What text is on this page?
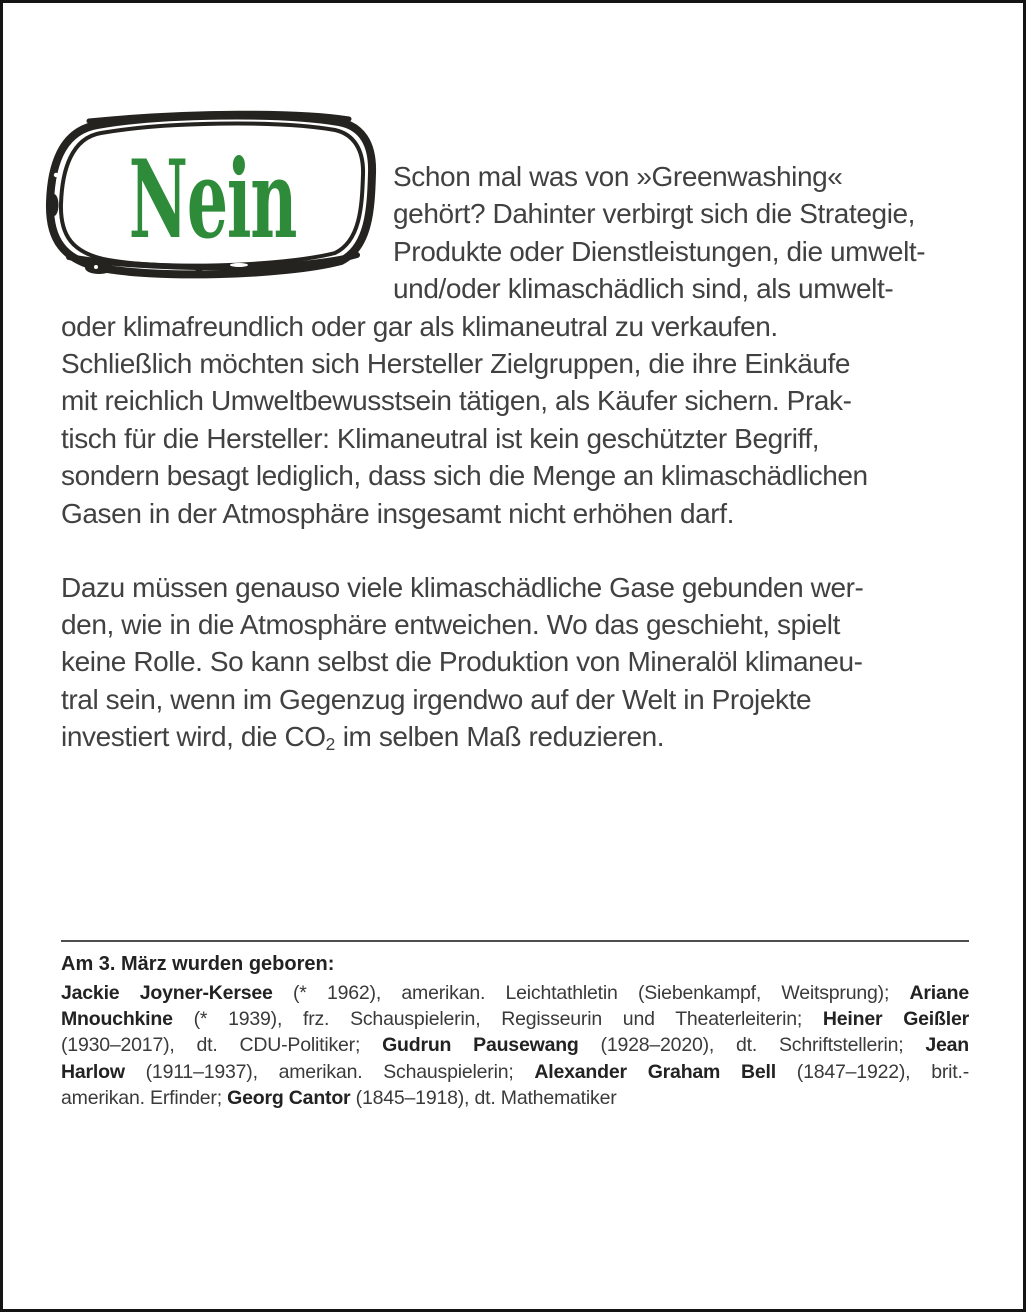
Nein	Schon mal was von »Greenwashing«
gehört? Dahinter verbirgt sich die Strategie,
Produkte oder Dienstleistungen, die umwelt-
und/oder klimaschädlich sind, als umwelt-
oder klimafreundlich oder gar als klimaneutral zu verkaufen.
Schließlich möchten sich Hersteller Zielgruppen, die ihre Einkäufe
mit reichlich Umweltbewusstsein tätigen, als Käufer sichern. Prak-
tisch für die Hersteller: Klimaneutral ist kein geschützter Begriff,
sondern besagt lediglich, dass sich die Menge an klimaschädlichen
Gasen in der Atmosphäre insgesamt nicht erhöhen darf.
Dazu müssen genauso viele klimaschädliche Gase gebunden wer-
den, wie in die Atmosphäre entweichen. Wo das geschieht, spielt
keine Rolle. So kann selbst die Produktion von Mineralöl klimaneu-
tral sein, wenn im Gegenzug irgendwo auf der Welt in Projekte
investiert wird, die $CO_2$ im selben Maß reduzieren.
Am 3. März wurden geboren:
Jackie Joyner-Kersee (* 1962), amerikan. Leichtathletin (Siebenkampf, Weitsprung); Ariane
Mnouchkine (* 1939), frz. Schauspielerin, Regisseurin und Theaterleiterin; Heiner Geißler
(1930–2017), dt. CDU-Politiker; Gudrun Pausewang (1928–2020), dt. Schriftstellerin; Jean
Harlow (1911–1937), amerikan. Schauspielerin; Alexander Graham Bell (1847–1922), brit.-
amerikan. Erfinder; Georg Cantor (1845–1918), dt. Mathematiker
